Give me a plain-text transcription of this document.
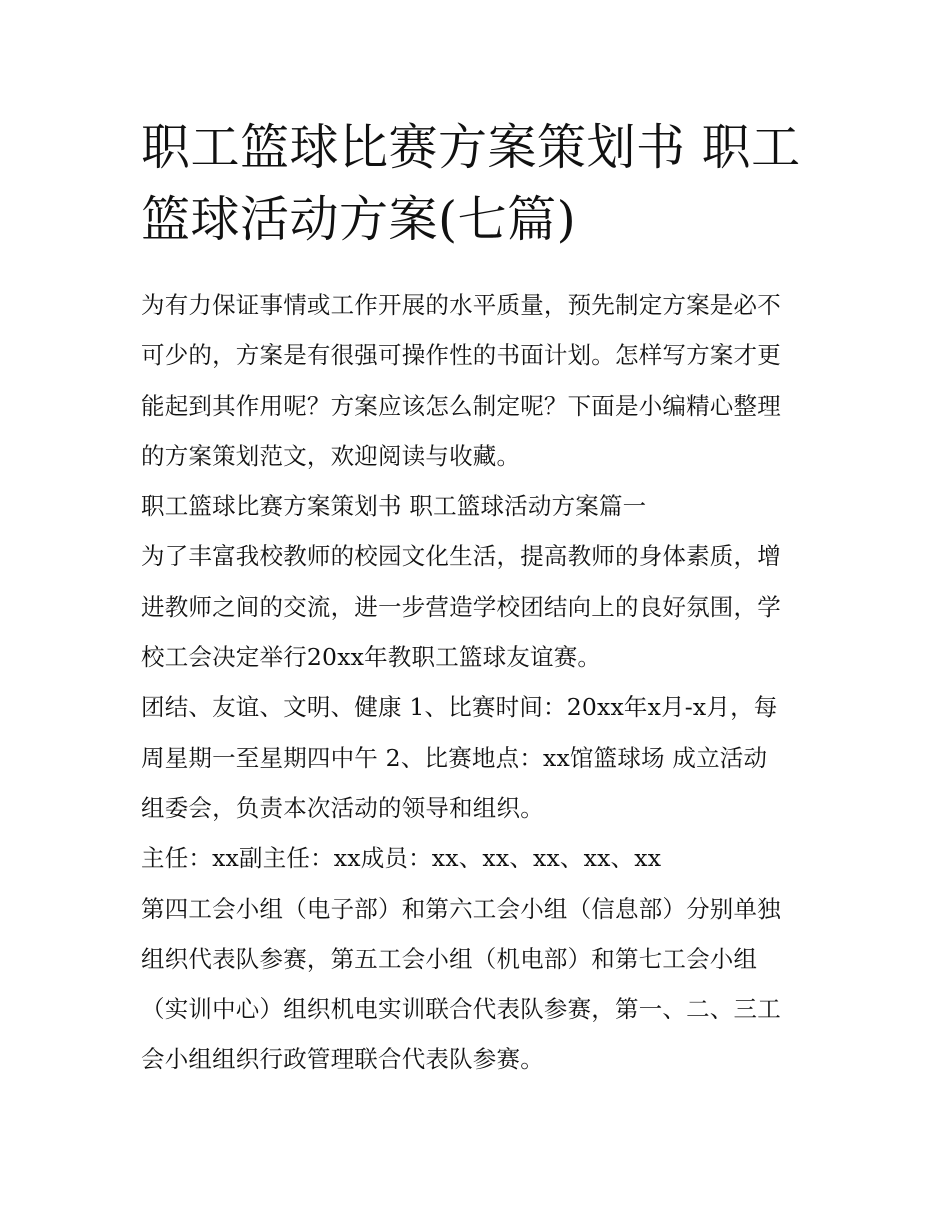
职工篮球比赛方案策划书 职工
篮球活动方案(七篇)

为有力保证事情或工作开展的水平质量，预先制定方案是必不
可少的，方案是有很强可操作性的书面计划。怎样写方案才更
能起到其作用呢？方案应该怎么制定呢？下面是小编精心整理
的方案策划范文，欢迎阅读与收藏。

职工篮球比赛方案策划书 职工篮球活动方案篇一

为了丰富我校教师的校园文化生活，提高教师的身体素质，增
进教师之间的交流，进一步营造学校团结向上的良好氛围，学
校工会决定举行20xx年教职工篮球友谊赛。

团结、友谊、文明、健康 1、比赛时间：20xx年x月-x月，每
周星期一至星期四中午 2、比赛地点：xx馆篮球场 成立活动
组委会，负责本次活动的领导和组织。

主任：xx副主任：xx成员：xx、xx、xx、xx、xx

第四工会小组（电子部）和第六工会小组（信息部）分别单独
组织代表队参赛，第五工会小组（机电部）和第七工会小组
（实训中心）组织机电实训联合代表队参赛，第一、二、三工
会小组组织行政管理联合代表队参赛。
